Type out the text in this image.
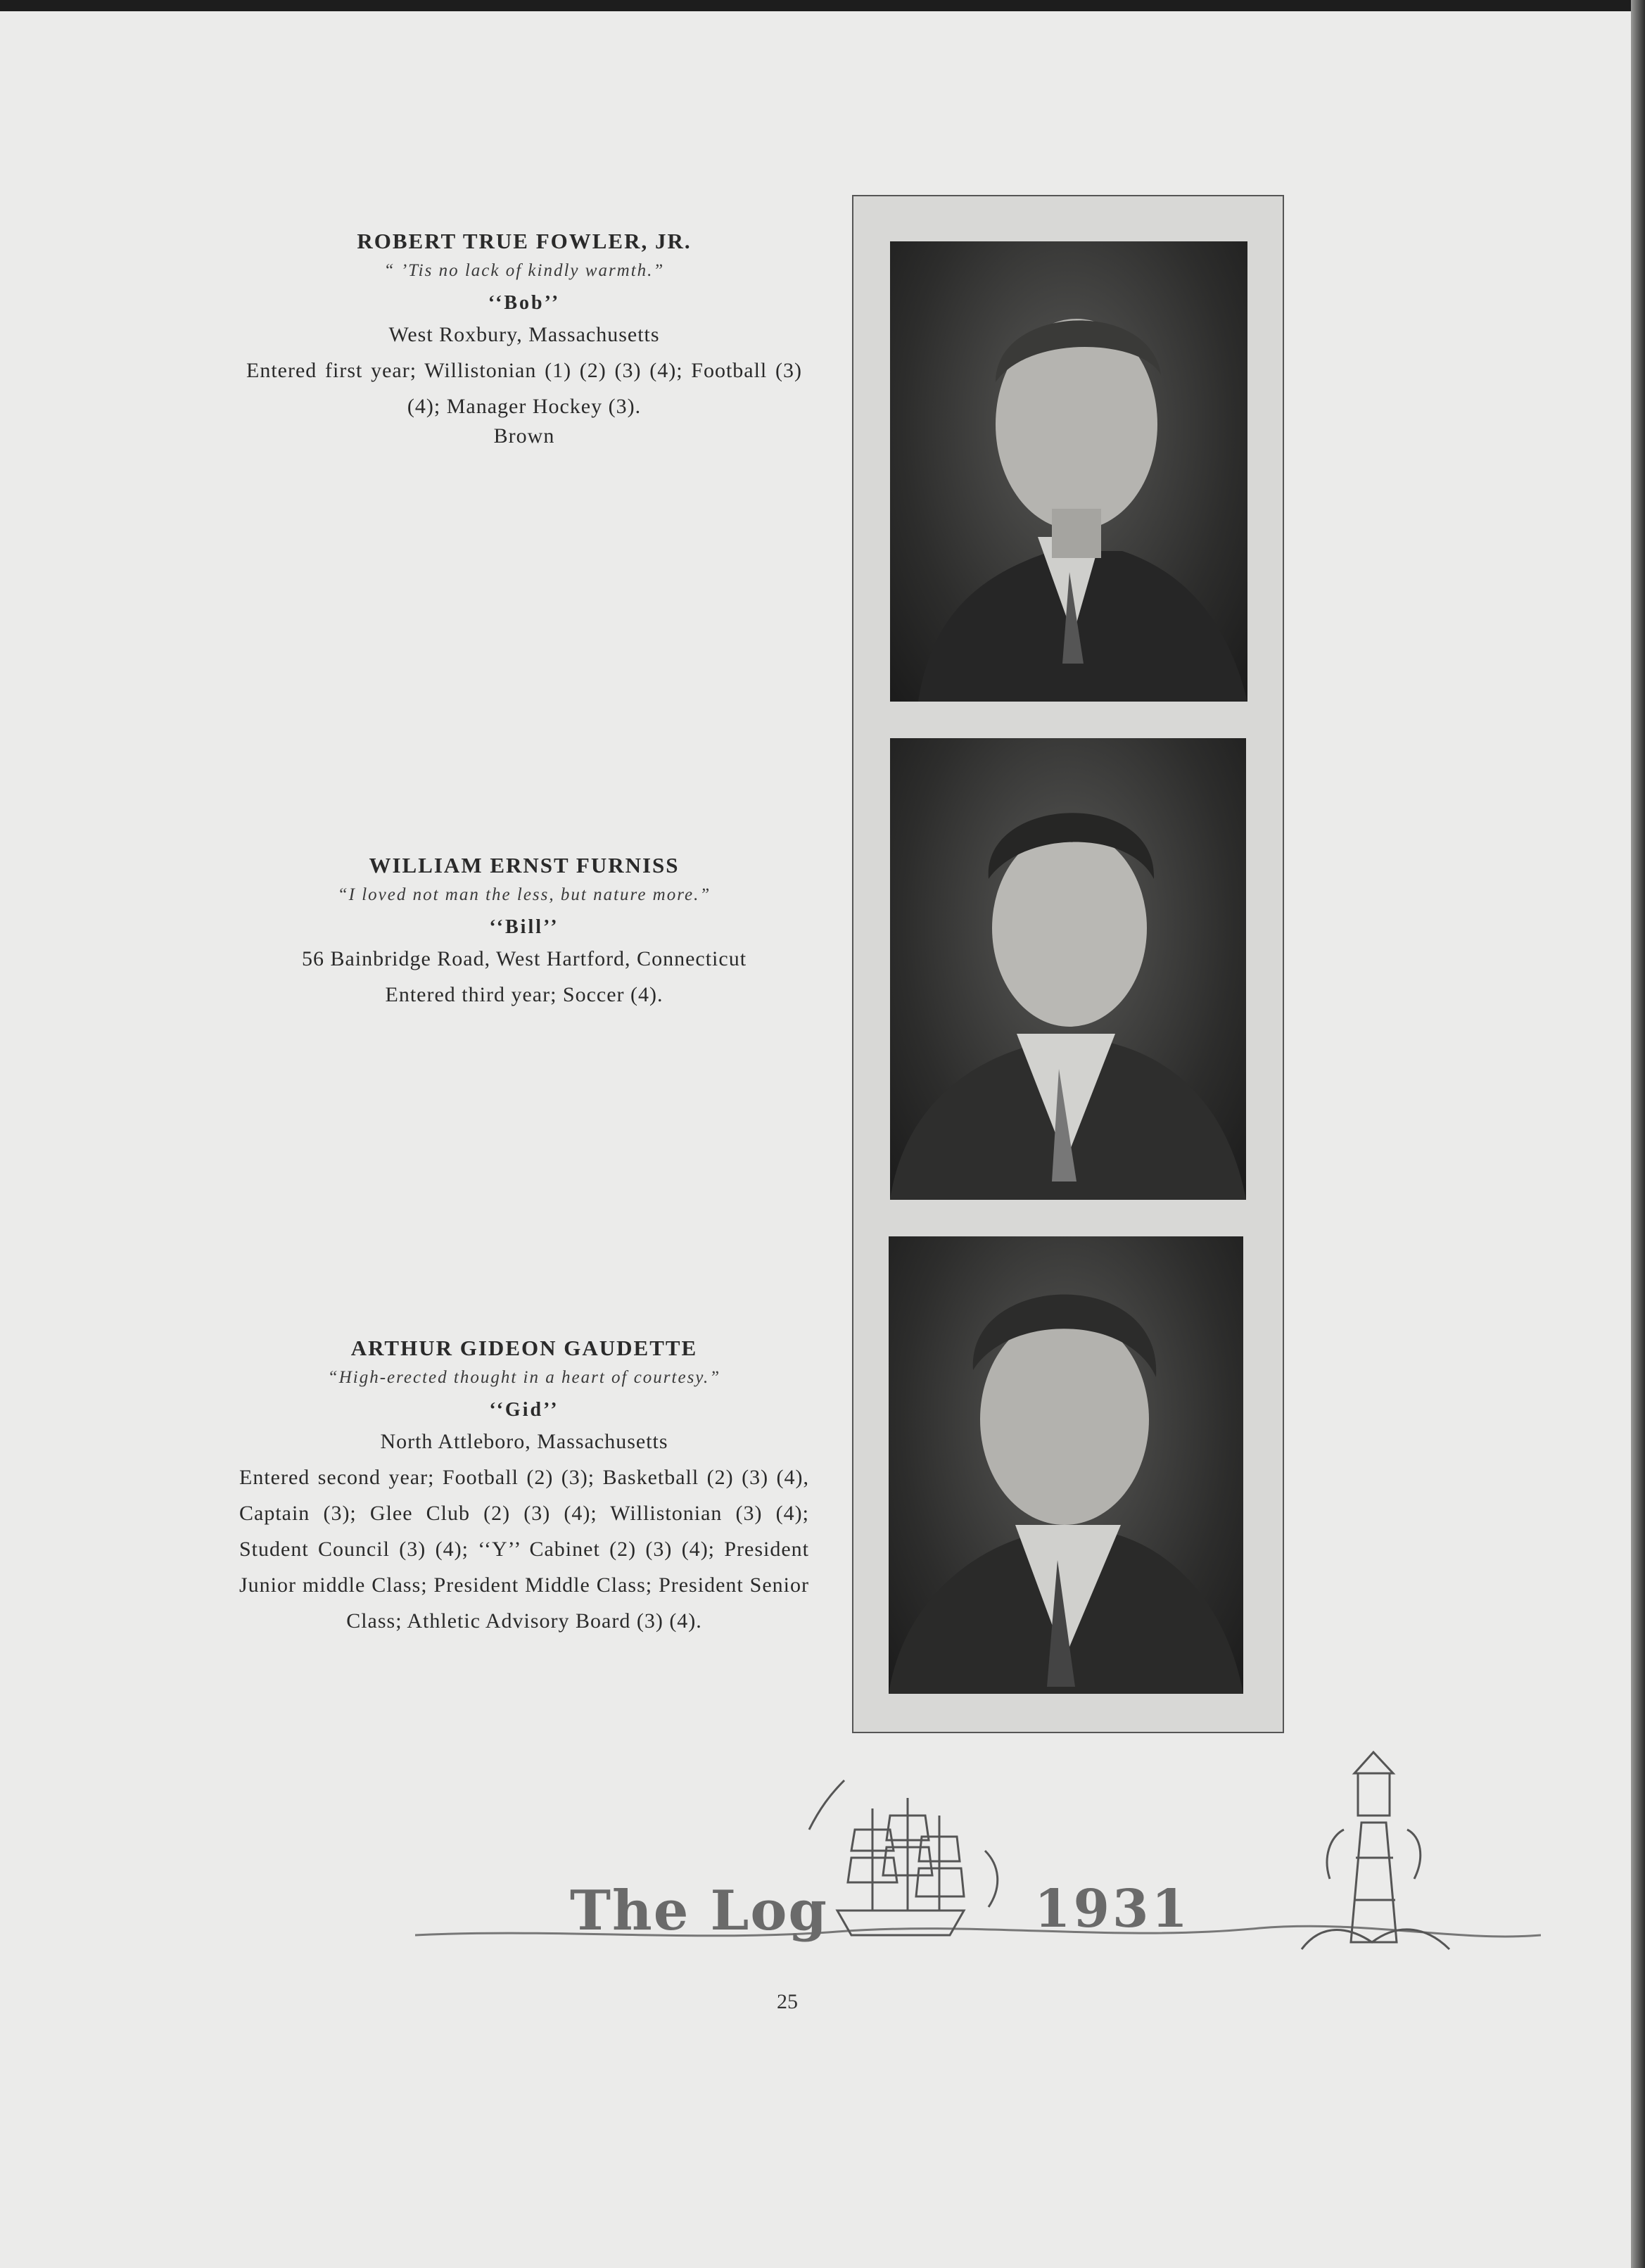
ROBERT TRUE FOWLER, JR.

“ ’Tis no lack of kindly warmth.”

‘‘Bob’’

West Roxbury, Massachusetts

Entered first year; Willistonian (1) (2) (3) (4); Football (3) (4); Manager Hockey (3).

Brown

WILLIAM ERNST FURNISS

“I loved not man the less, but nature more.”

‘‘Bill’’

56 Bainbridge Road, West Hartford, Connecticut

Entered third year; Soccer (4).

ARTHUR GIDEON GAUDETTE

“High-erected thought in a heart of courtesy.”

‘‘Gid’’

North Attleboro, Massachusetts

Entered second year; Football (2) (3); Basketball (2) (3) (4), Captain (3); Glee Club (2) (3) (4); Willistonian (3) (4); Student Council (3) (4); ‘‘Y’’ Cabinet (2) (3) (4); President Junior middle Class; President Middle Class; President Senior Class; Athletic Advisory Board (3) (4).

The Log	1931
25
